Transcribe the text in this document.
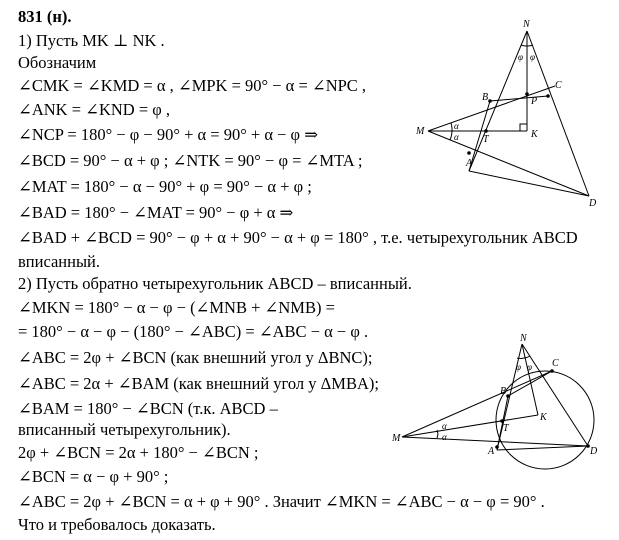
831 (н).
1) Пусть MK ⊥ NK .
Обозначим
∠CMK = ∠KMD = α , ∠MPK = 90° − α = ∠NPC ,
∠ANK = ∠KND = φ ,
∠NCP = 180° − φ − 90° + α = 90° + α − φ ⇒
∠BCD = 90° − α + φ ; ∠NTK = 90° − φ = ∠MTA ;
∠MAT = 180° − α − 90° + φ = 90° − α + φ ;
∠BAD = 180° − ∠MAT = 90° − φ + α ⇒
∠BAD + ∠BCD = 90° − φ + α + 90° − α + φ = 180° , т.е. четырехугольник ABCD
вписанный.
2) Пусть обратно четырехугольник ABCD – вписанный.
∠MKN = 180° − α − φ − (∠MNB + ∠NMB) =
= 180° − α − φ − (180° − ∠ABC) = ∠ABC − α − φ .
∠ABC = 2φ + ∠BCN (как внешний угол у ΔBNC);
∠ABC = 2α + ∠BAM (как внешний угол у ΔMBA);
∠BAM = 180° − ∠BCN (т.к. ABCD –
вписанный четырехугольник).
2φ + ∠BCN = 2α + 180° − ∠BCN ;
∠BCN = α − φ + 90° ;
∠ABC = 2φ + ∠BCN = α + φ + 90° . Значит ∠MKN = ∠ABC − α − φ = 90° .
Что и требовалось доказать.
N
M
C
B	P
K
T
A
D
φ φ
α
α
N
M
C
B
K
T
A	D
φ φ
α
α
